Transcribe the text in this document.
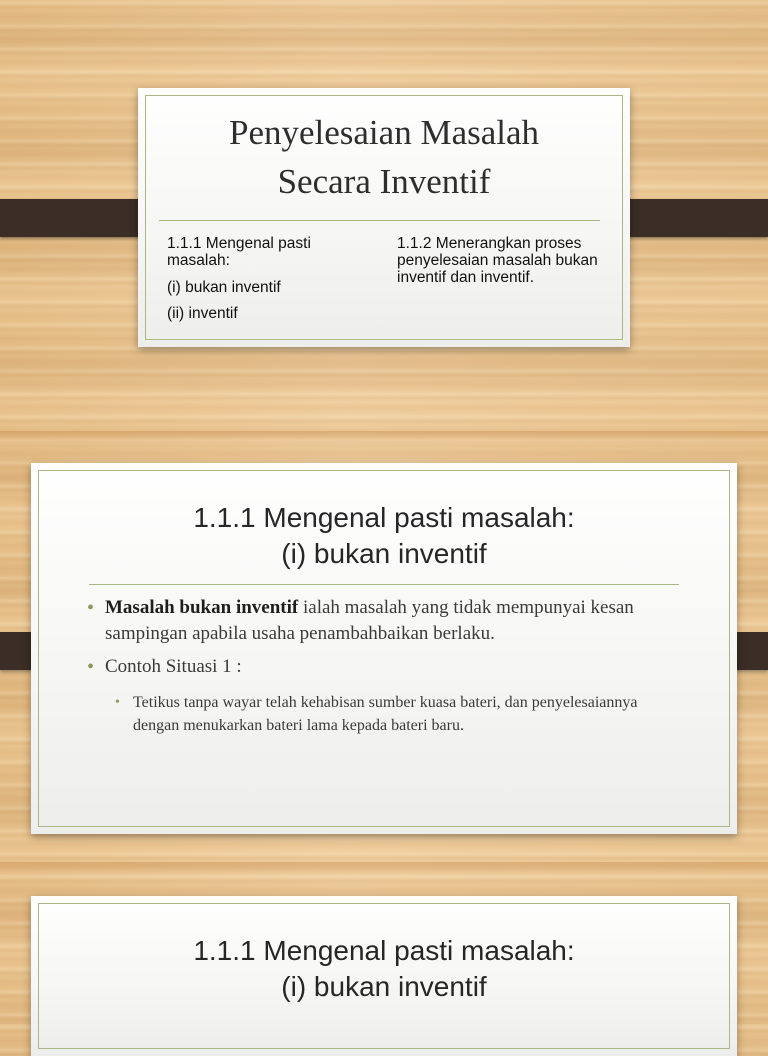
Penyelesaian Masalah
Secara Inventif

1.1.1 Mengenal pasti masalah:

(i) bukan inventif

(ii) inventif

1.1.2 Menerangkan proses penyelesaian masalah bukan inventif dan inventif.

1.1.1 Mengenal pasti masalah:
(i) bukan inventif
• Masalah bukan inventif ialah masalah yang tidak mempunyai kesan sampingan apabila usaha penambahbaikan berlaku.
• Contoh Situasi 1 :
• Tetikus tanpa wayar telah kehabisan sumber kuasa bateri, dan penyelesaiannya dengan menukarkan bateri lama kepada bateri baru.
1.1.1 Mengenal pasti masalah:
(i) bukan inventif
